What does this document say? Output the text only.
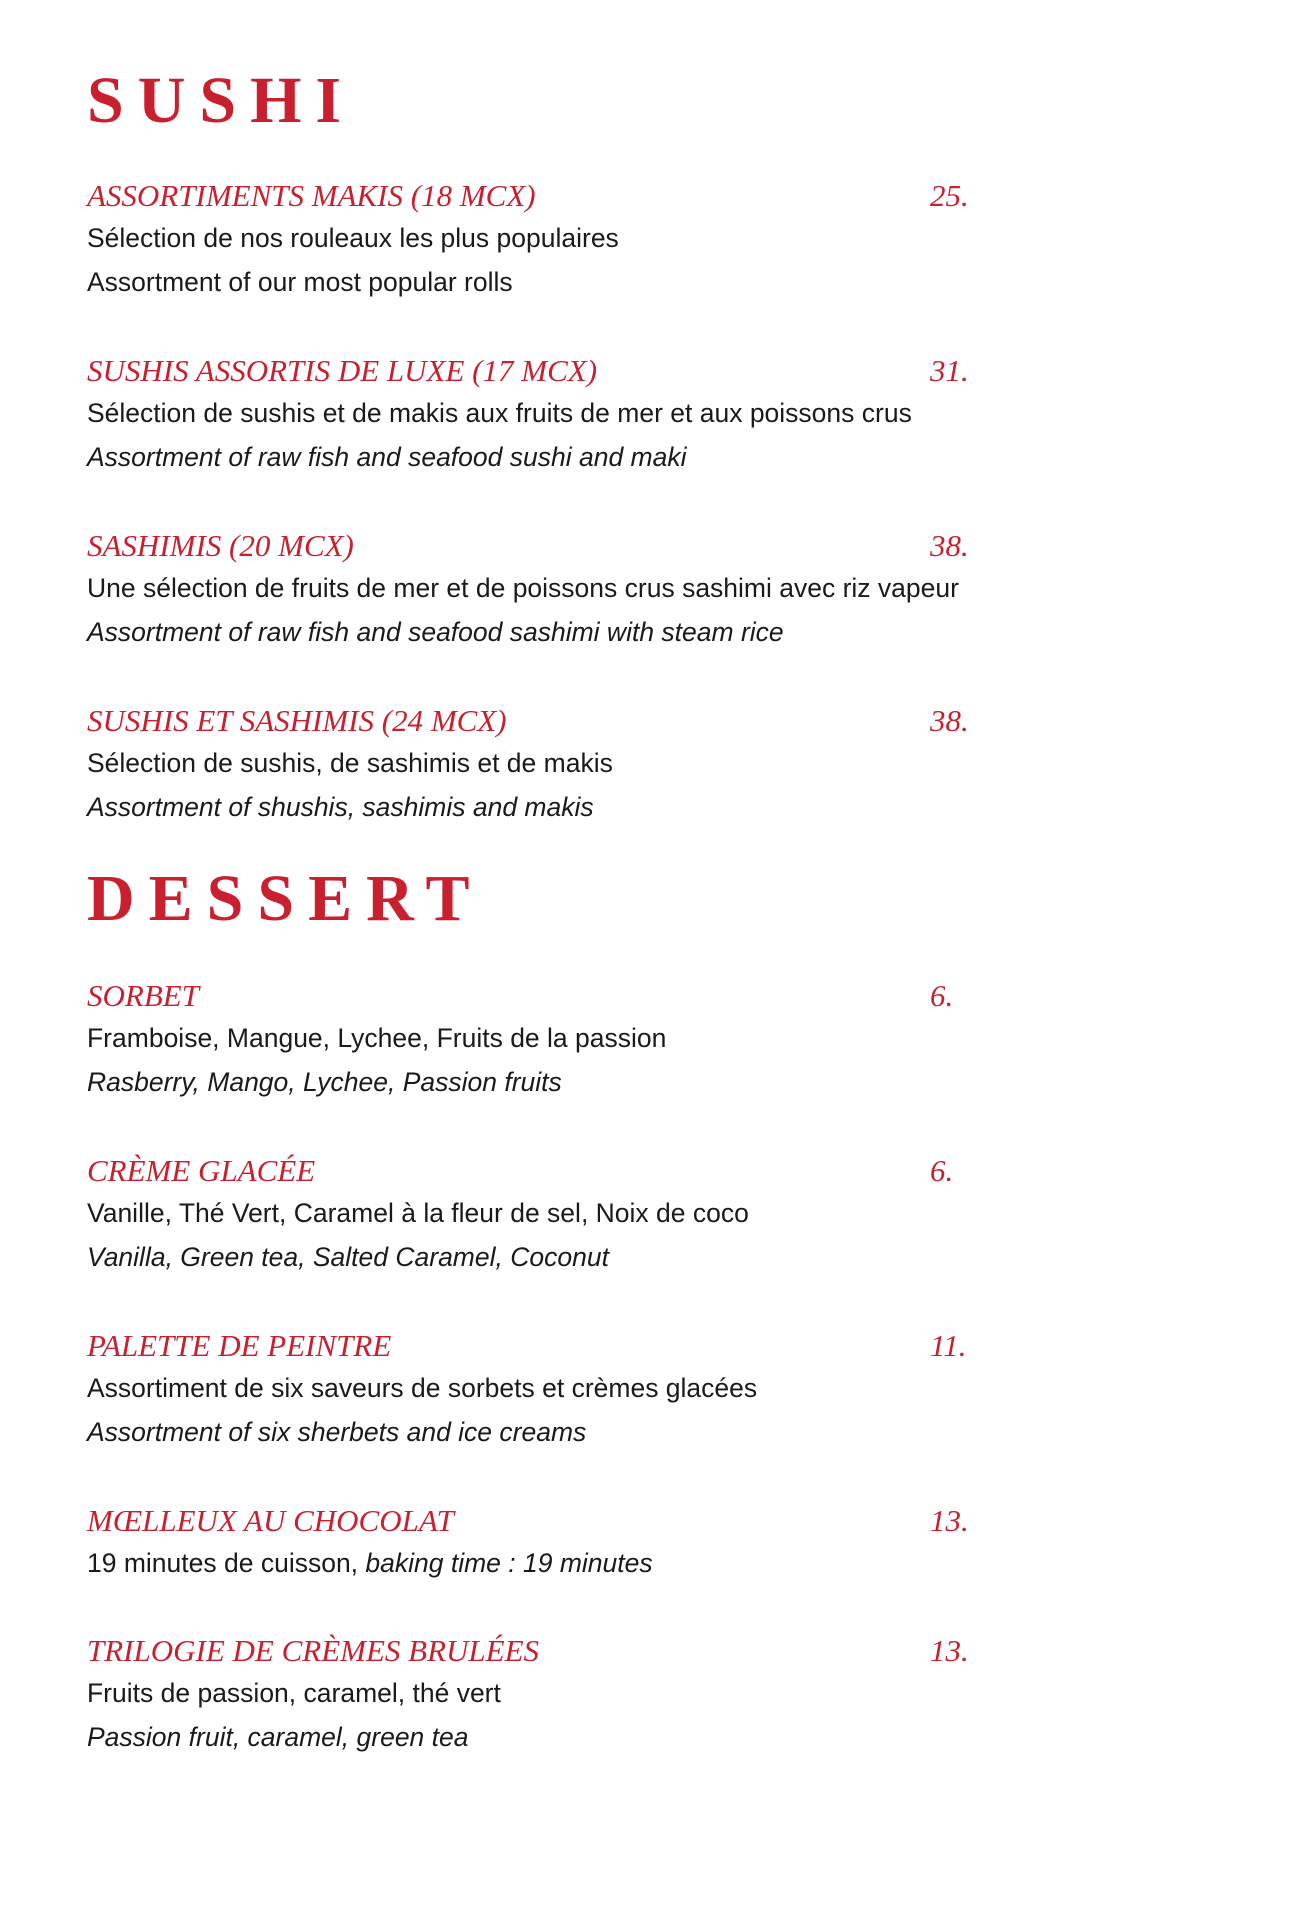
SUSHI
ASSORTIMENTS MAKIS (18 MCX)	25.
Sélection de nos rouleaux les plus populaires
Assortment of our most popular rolls
SUSHIS ASSORTIS DE LUXE (17 MCX)	31.
Sélection de sushis et de makis aux fruits de mer et aux poissons crus
Assortment of raw fish and seafood sushi and maki
SASHIMIS (20 MCX)	38.
Une sélection de fruits de mer et de poissons crus sashimi avec riz vapeur
Assortment of raw fish and seafood sashimi with steam rice
SUSHIS ET SASHIMIS (24 MCX)	38.
Sélection de sushis, de sashimis et de makis
Assortment of shushis, sashimis and makis
DESSERT
SORBET	6.
Framboise, Mangue, Lychee, Fruits de la passion
Rasberry, Mango, Lychee, Passion fruits
CRÈME GLACÉE	6.
Vanille, Thé Vert, Caramel à la fleur de sel, Noix de coco
Vanilla, Green tea, Salted Caramel, Coconut
PALETTE DE PEINTRE	11.
Assortiment de six saveurs de sorbets et crèmes glacées
Assortment of six sherbets and ice creams
MŒLLEUX AU CHOCOLAT	13.
19 minutes de cuisson, baking time : 19 minutes
TRILOGIE DE CRÈMES BRULÉES	13.
Fruits de passion, caramel, thé vert
Passion fruit, caramel, green tea
